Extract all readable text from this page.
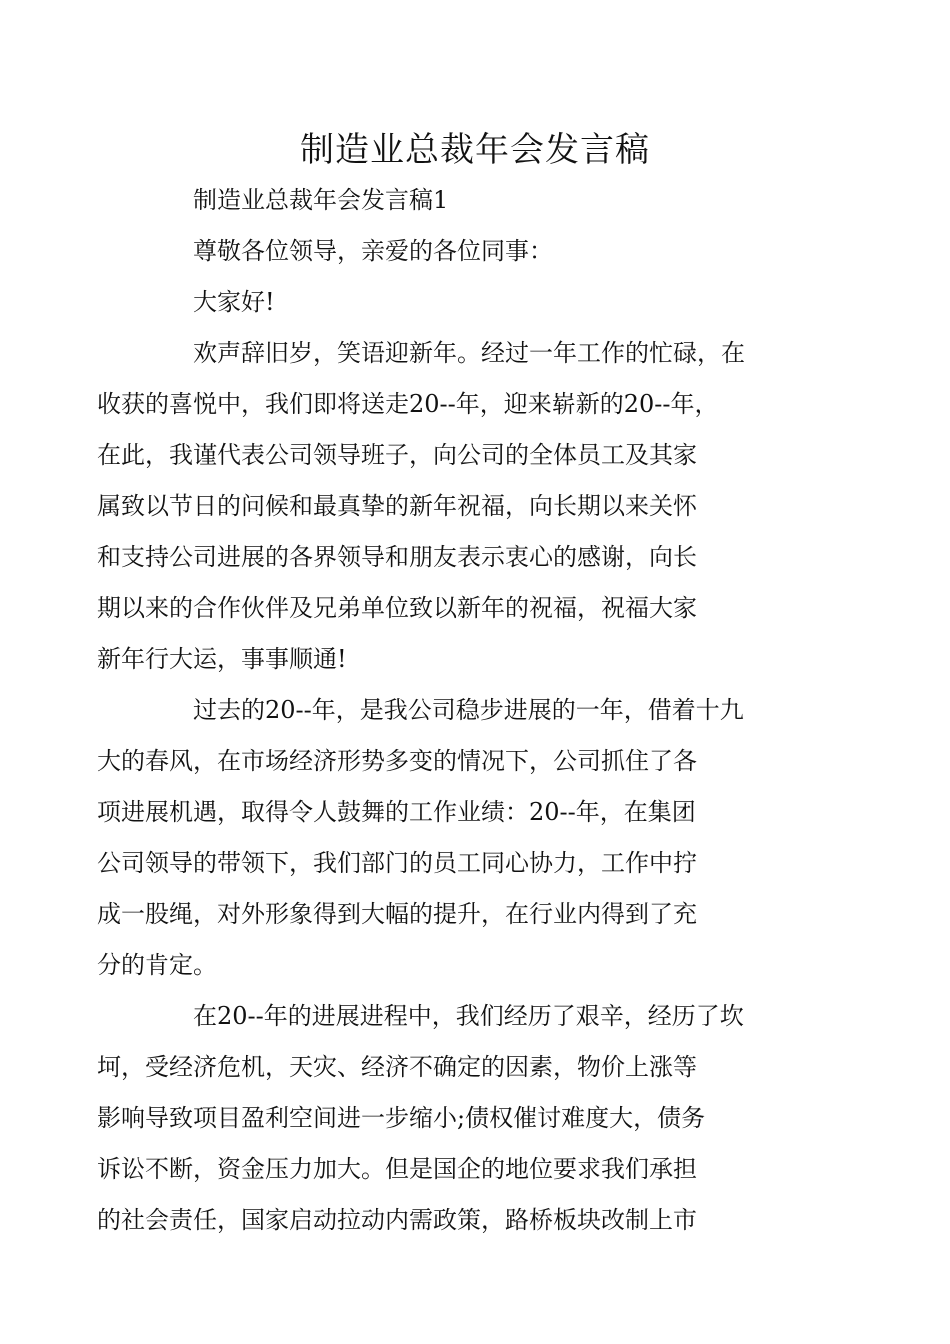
制造业总裁年会发言稿

制造业总裁年会发言稿1

尊敬各位领导，亲爱的各位同事：

大家好!

欢声辞旧岁，笑语迎新年。经过一年工作的忙碌，在
收获的喜悦中，我们即将送走20--年，迎来崭新的20--年，
在此，我谨代表公司领导班子，向公司的全体员工及其家
属致以节日的问候和最真挚的新年祝福，向长期以来关怀
和支持公司进展的各界领导和朋友表示衷心的感谢，向长
期以来的合作伙伴及兄弟单位致以新年的祝福，祝福大家
新年行大运，事事顺通!

过去的20--年，是我公司稳步进展的一年，借着十九
大的春风，在市场经济形势多变的情况下，公司抓住了各
项进展机遇，取得令人鼓舞的工作业绩：20--年，在集团
公司领导的带领下，我们部门的员工同心协力，工作中拧
成一股绳，对外形象得到大幅的提升，在行业内得到了充
分的肯定。

在20--年的进展进程中，我们经历了艰辛，经历了坎
坷，受经济危机，天灾、经济不确定的因素，物价上涨等
影响导致项目盈利空间进一步缩小;债权催讨难度大，债务
诉讼不断，资金压力加大。但是国企的地位要求我们承担
的社会责任，国家启动拉动内需政策，路桥板块改制上市
